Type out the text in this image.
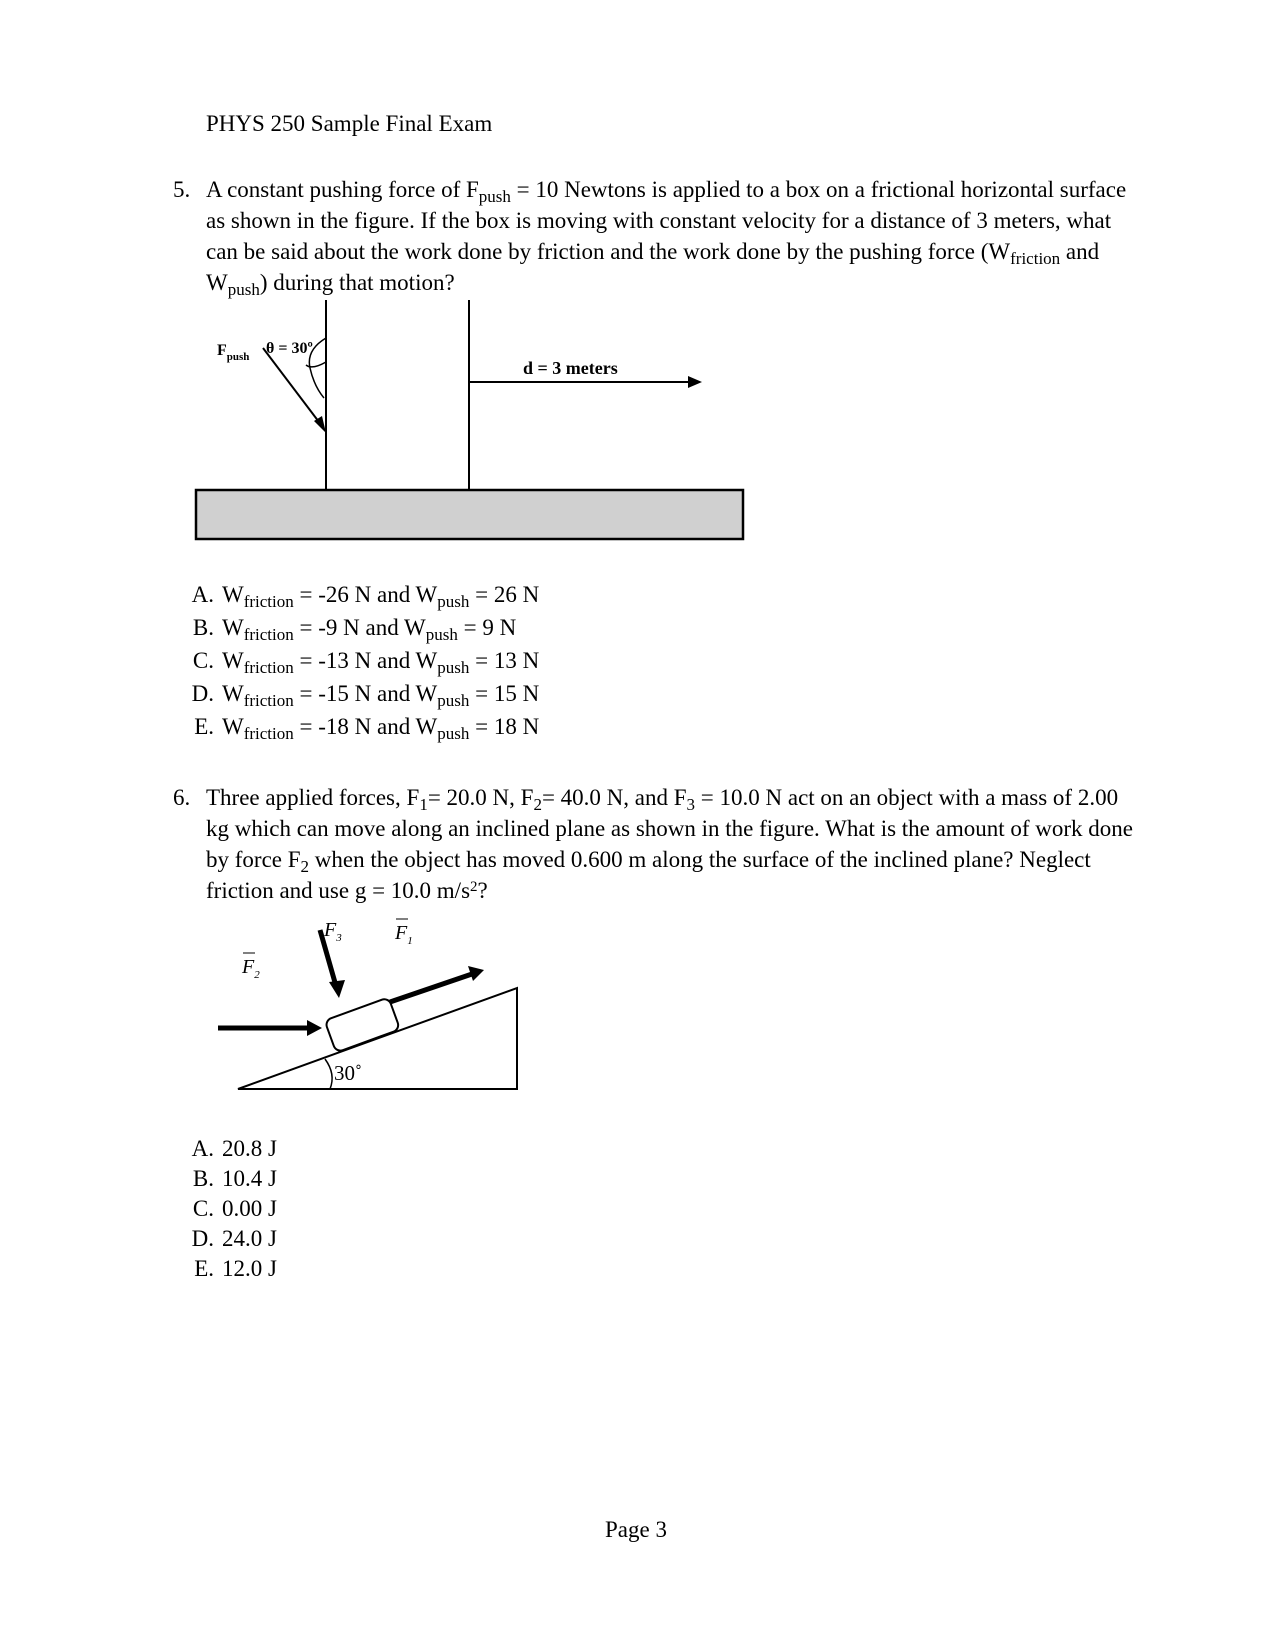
PHYS 250 Sample Final Exam
5. A constant pushing force of $F_{push} = 10$ Newtons is applied to a box on a frictional horizontal surface as shown in the figure. If the box is moving with constant velocity for a distance of 3 meters, what can be said about the work done by friction and the work done by the pushing force ($W_{friction}$ and $W_{push}$) during that motion?

$F_{push}$ θ = 30º
d = 3 meters
A. $W_{friction} = -26$ N and $W_{push} = 26$ N
B. $W_{friction} = -9$ N and $W_{push} = 9$ N
C. $W_{friction} = -13$ N and $W_{push} = 13$ N
D. $W_{friction} = -15$ N and $W_{push} = 15$ N
E. $W_{friction} = -18$ N and $W_{push} = 18$ N
6. Three applied forces, $F_1= 20.0$ N, $F_2= 40.0$ N, and $F_3 = 10.0$ N act on an object with a mass of 2.00 kg which can move along an inclined plane as shown in the figure. What is the amount of work done by force $F_2$ when the object has moved 0.600 m along the surface of the inclined plane? Neglect friction and use g = 10.0 $m/s^2$?

30˚
$F_2$
$F_1$
$F_3$
A. 20.8 J
B. 10.4 J
C. 0.00 J
D. 24.0 J
E. 12.0 J
Page 3
